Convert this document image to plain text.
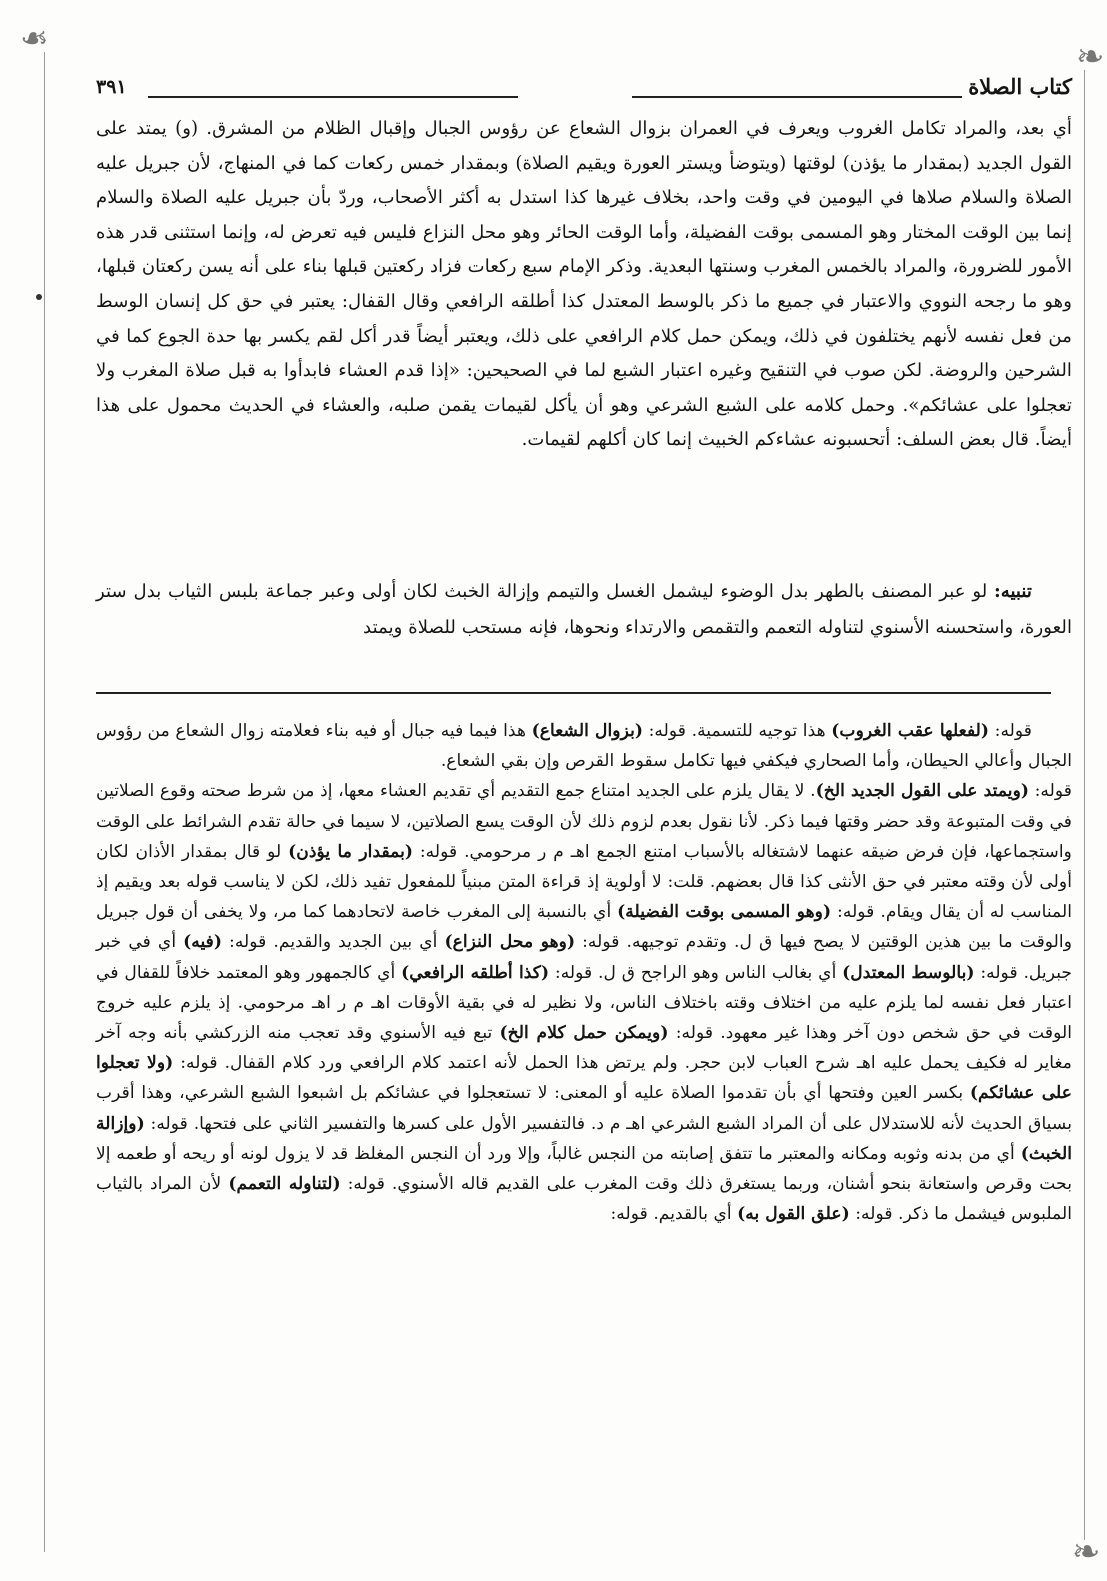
❧
❧
❧
كتاب الصلاة
٣٩١

أي بعد، والمراد تكامل الغروب ويعرف في العمران بزوال الشعاع عن رؤوس الجبال وإقبال الظلام من المشرق. (و) يمتد على القول الجديد (بمقدار ما يؤذن) لوقتها (ويتوضأ ويستر العورة ويقيم الصلاة) وبمقدار خمس ركعات كما في المنهاج، لأن جبريل عليه الصلاة والسلام صلاها في اليومين في وقت واحد، بخلاف غيرها كذا استدل به أكثر الأصحاب، وردّ بأن جبريل عليه الصلاة والسلام إنما بين الوقت المختار وهو المسمى بوقت الفضيلة، وأما الوقت الحائر وهو محل النزاع فليس فيه تعرض له، وإنما استثنى قدر هذه الأمور للضرورة، والمراد بالخمس المغرب وسنتها البعدية. وذكر الإمام سبع ركعات فزاد ركعتين قبلها بناء على أنه يسن ركعتان قبلها، وهو ما رجحه النووي والاعتبار في جميع ما ذكر بالوسط المعتدل كذا أطلقه الرافعي وقال القفال: يعتبر في حق كل إنسان الوسط من فعل نفسه لأنهم يختلفون في ذلك، ويمكن حمل كلام الرافعي على ذلك، ويعتبر أيضاً قدر أكل لقم يكسر بها حدة الجوع كما في الشرحين والروضة. لكن صوب في التنقيح وغيره اعتبار الشبع لما في الصحيحين: «إذا قدم العشاء فابدأوا به قبل صلاة المغرب ولا تعجلوا على عشائكم». وحمل كلامه على الشبع الشرعي وهو أن يأكل لقيمات يقمن صلبه، والعشاء في الحديث محمول على هذا أيضاً. قال بعض السلف: أتحسبونه عشاءكم الخبيث إنما كان أكلهم لقيمات.

تنبيه: لو عبر المصنف بالطهر بدل الوضوء ليشمل الغسل والتيمم وإزالة الخبث لكان أولى وعبر جماعة بلبس الثياب بدل ستر العورة، واستحسنه الأسنوي لتناوله التعمم والتقمص والارتداء ونحوها، فإنه مستحب للصلاة ويمتد

قوله: (لفعلها عقب الغروب) هذا توجيه للتسمية. قوله: (بزوال الشعاع) هذا فيما فيه جبال أو فيه بناء فعلامته زوال الشعاع من رؤوس الجبال وأعالي الحيطان، وأما الصحاري فيكفي فيها تكامل سقوط القرص وإن بقي الشعاع.

قوله: (ويمتد على القول الجديد الخ). لا يقال يلزم على الجديد امتناع جمع التقديم أي تقديم العشاء معها، إذ من شرط صحته وقوع الصلاتين في وقت المتبوعة وقد حضر وقتها فيما ذكر. لأنا نقول بعدم لزوم ذلك لأن الوقت يسع الصلاتين، لا سيما في حالة تقدم الشرائط على الوقت واستجماعها، فإن فرض ضيقه عنهما لاشتغاله بالأسباب امتنع الجمع اهـ م ر مرحومي. قوله: (بمقدار ما يؤذن) لو قال بمقدار الأذان لكان أولى لأن وقته معتبر في حق الأنثى كذا قال بعضهم. قلت: لا أولوية إذ قراءة المتن مبنياً للمفعول تفيد ذلك، لكن لا يناسب قوله بعد ويقيم إذ المناسب له أن يقال ويقام. قوله: (وهو المسمى بوقت الفضيلة) أي بالنسبة إلى المغرب خاصة لاتحادهما كما مر، ولا يخفى أن قول جبريل والوقت ما بين هذين الوقتين لا يصح فيها ق ل. وتقدم توجيهه. قوله: (وهو محل النزاع) أي بين الجديد والقديم. قوله: (فيه) أي في خبر جبريل. قوله: (بالوسط المعتدل) أي بغالب الناس وهو الراجح ق ل. قوله: (كذا أطلقه الرافعي) أي كالجمهور وهو المعتمد خلافاً للقفال في اعتبار فعل نفسه لما يلزم عليه من اختلاف وقته باختلاف الناس، ولا نظير له في بقية الأوقات اهـ م ر اهـ مرحومي. إذ يلزم عليه خروج الوقت في حق شخص دون آخر وهذا غير معهود. قوله: (ويمكن حمل كلام الخ) تبع فيه الأسنوي وقد تعجب منه الزركشي بأنه وجه آخر مغاير له فكيف يحمل عليه اهـ شرح العباب لابن حجر. ولم يرتض هذا الحمل لأنه اعتمد كلام الرافعي ورد كلام القفال. قوله: (ولا تعجلوا على عشائكم) بكسر العين وفتحها أي بأن تقدموا الصلاة عليه أو المعنى: لا تستعجلوا في عشائكم بل اشبعوا الشبع الشرعي، وهذا أقرب بسياق الحديث لأنه للاستدلال على أن المراد الشبع الشرعي اهـ م د. فالتفسير الأول على كسرها والتفسير الثاني على فتحها. قوله: (وإزالة الخبث) أي من بدنه وثوبه ومكانه والمعتبر ما تتفق إصابته من النجس غالباً، وإلا ورد أن النجس المغلظ قد لا يزول لونه أو ريحه أو طعمه إلا بحت وقرص واستعانة بنحو أشنان، وربما يستغرق ذلك وقت المغرب على القديم قاله الأسنوي. قوله: (لتناوله التعمم) لأن المراد بالثياب الملبوس فيشمل ما ذكر. قوله: (علق القول به) أي بالقديم. قوله:
